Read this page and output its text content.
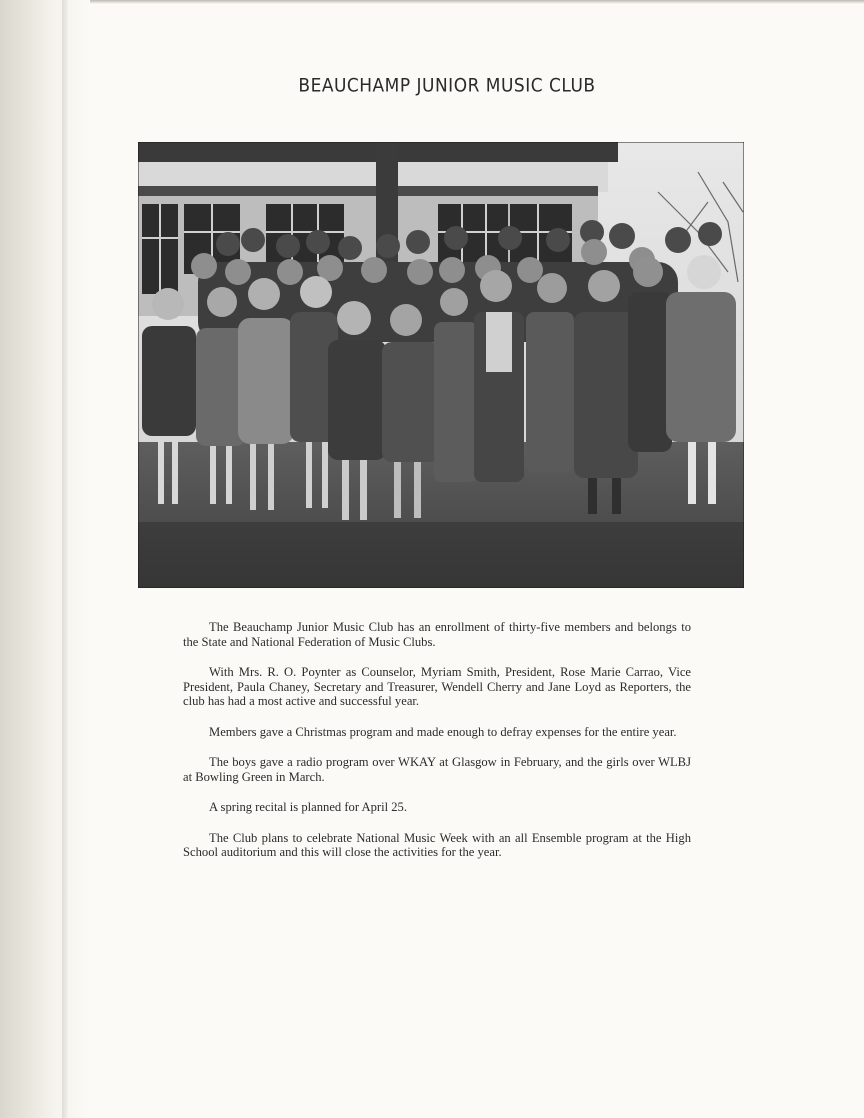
BEAUCHAMP JUNIOR MUSIC CLUB

The Beauchamp Junior Music Club has an enrollment of thirty-five members and belongs to the State and National Federation of Music Clubs.

With Mrs. R. O. Poynter as Counselor, Myriam Smith, President, Rose Marie Carrao, Vice President, Paula Chaney, Secretary and Treasurer, Wendell Cherry and Jane Loyd as Reporters, the club has had a most active and successful year.

Members gave a Christmas program and made enough to defray expenses for the entire year.

The boys gave a radio program over WKAY at Glasgow in February, and the girls over WLBJ at Bowling Green in March.

A spring recital is planned for April 25.

The Club plans to celebrate National Music Week with an all Ensemble program at the High School auditorium and this will close the activities for the year.
